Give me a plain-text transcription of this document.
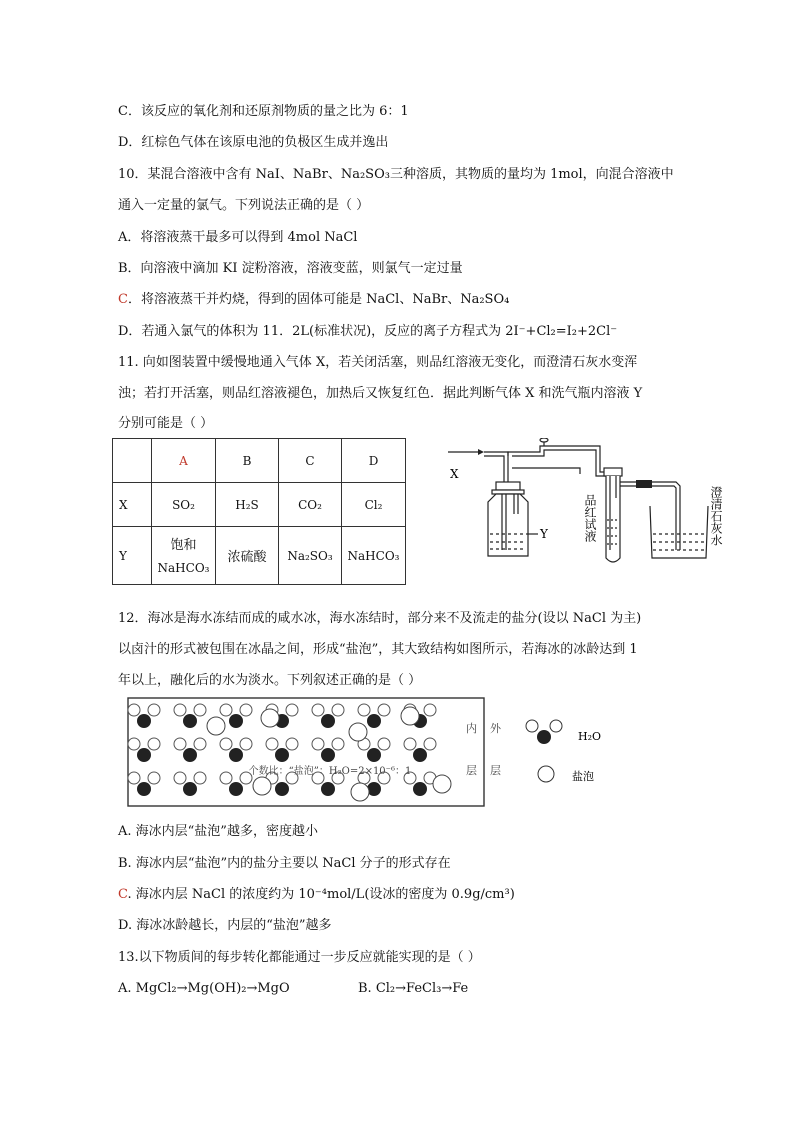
C．该反应的氧化剂和还原剂物质的量之比为 6：1
D．红棕色气体在该原电池的负极区生成并逸出
10．某混合溶液中含有 NaI、NaBr、Na₂SO₃三种溶质，其物质的量均为 1mol，向混合溶液中
通入一定量的氯气。下列说法正确的是（ ）
A．将溶液蒸干最多可以得到 4mol NaCl
B．向溶液中滴加 KI 淀粉溶液，溶液变蓝，则氯气一定过量
C．将溶液蒸干并灼烧，得到的固体可能是 NaCl、NaBr、Na₂SO₄
D．若通入氯气的体积为 11．2L(标准状况)，反应的离子方程式为 2I⁻+Cl₂=I₂+2Cl⁻
11. 向如图装置中缓慢地通入气体 X，若关闭活塞，则品红溶液无变化，而澄清石灰水变浑
浊；若打开活塞，则品红溶液褪色，加热后又恢复红色．据此判断气体 X 和洗气瓶内溶液 Y
分别可能是（ ）
	A	B	C	D
X	SO₂	H₂S	CO₂	Cl₂
Y	饱和
NaHCO₃	浓硫酸	Na₂SO₃	NaHCO₃
X
Y	品红试液	澄清石灰水
12．海冰是海水冻结而成的咸水冰，海水冻结时，部分来不及流走的盐分(设以 NaCl 为主)
以卤汁的形式被包围在冰晶之间，形成“盐泡”，其大致结构如图所示，若海冰的冰龄达到 1
年以上，融化后的水为淡水。下列叙述正确的是（ ）
个数比：“盐泡”：H₂O=2×10⁻⁶：1
内
层
外
层
H₂O
盐泡
A. 海冰内层“盐泡”越多，密度越小
B. 海冰内层“盐泡”内的盐分主要以 NaCl 分子的形式存在
C. 海冰内层 NaCl 的浓度约为 10⁻⁴mol/L(设冰的密度为 0.9g/cm³)
D. 海冰冰龄越长，内层的“盐泡”越多
13.以下物质间的每步转化都能通过一步反应就能实现的是（ ）
A. MgCl₂→Mg(OH)₂→MgO	B. Cl₂→FeCl₃→Fe
